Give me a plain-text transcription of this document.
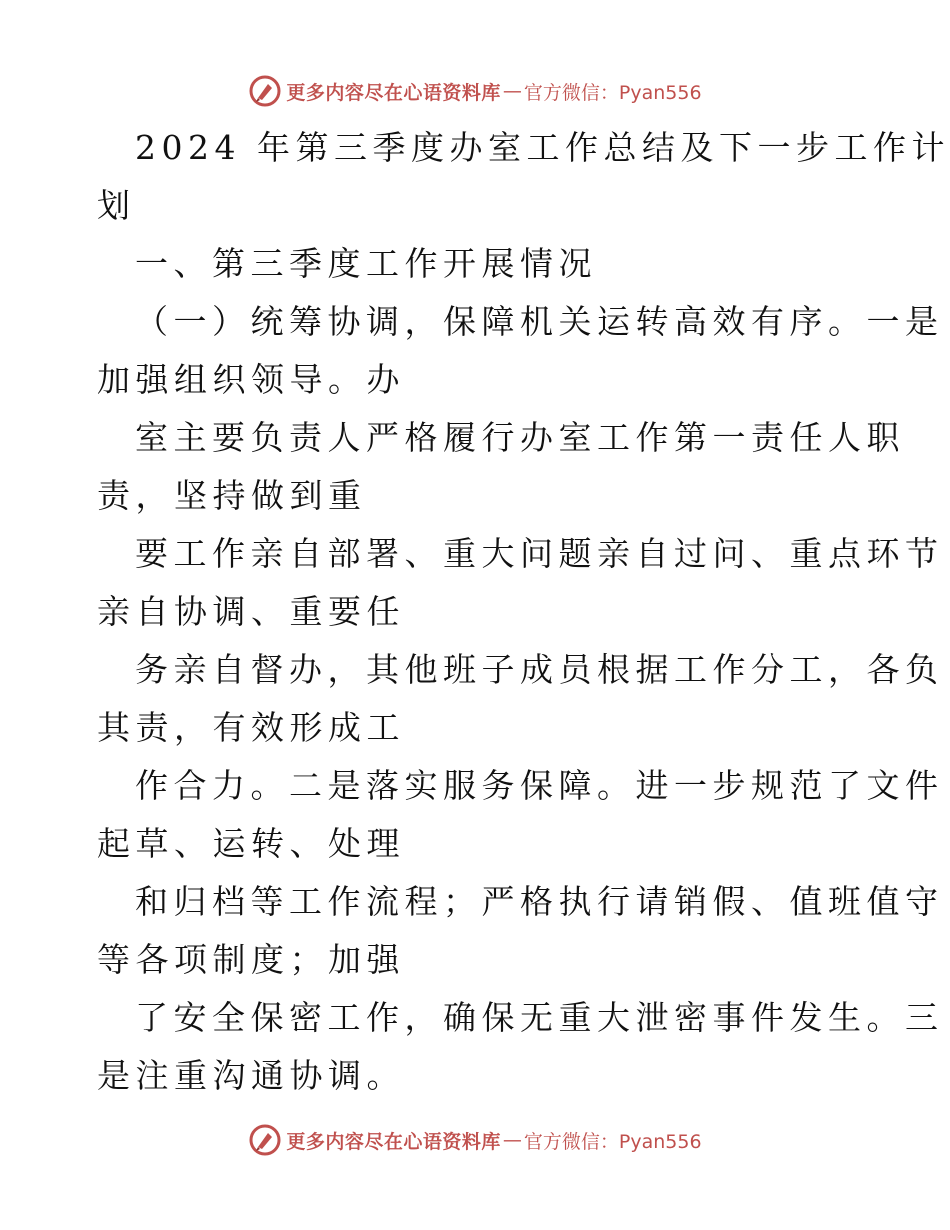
更多内容尽在心语资料库 — 官方微信：Pyan556
2024 年第三季度办室工作总结及下一步工作计
划
一、第三季度工作开展情况
（一）统筹协调，保障机关运转高效有序。一是
加强组织领导。办
室主要负责人严格履行办室工作第一责任人职
责，坚持做到重
要工作亲自部署、重大问题亲自过问、重点环节
亲自协调、重要任
务亲自督办，其他班子成员根据工作分工，各负
其责，有效形成工
作合力。二是落实服务保障。进一步规范了文件
起草、运转、处理
和归档等工作流程；严格执行请销假、值班值守
等各项制度；加强
了安全保密工作，确保无重大泄密事件发生。三
是注重沟通协调。
更多内容尽在心语资料库 — 官方微信：Pyan556
